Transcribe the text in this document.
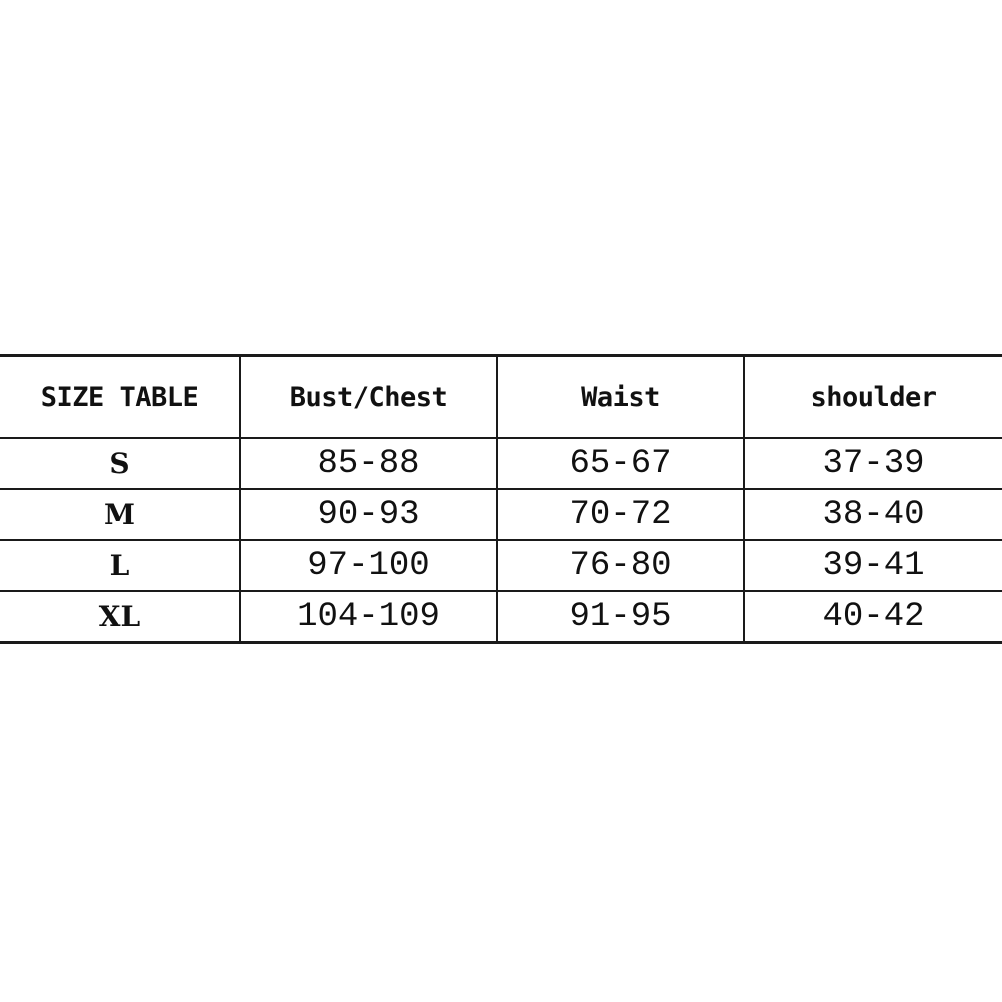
SIZE TABLE	Bust/Chest	Waist	shoulder
S	85-88	65-67	37-39
M	90-93	70-72	38-40
L	97-100	76-80	39-41
XL	104-109	91-95	40-42
